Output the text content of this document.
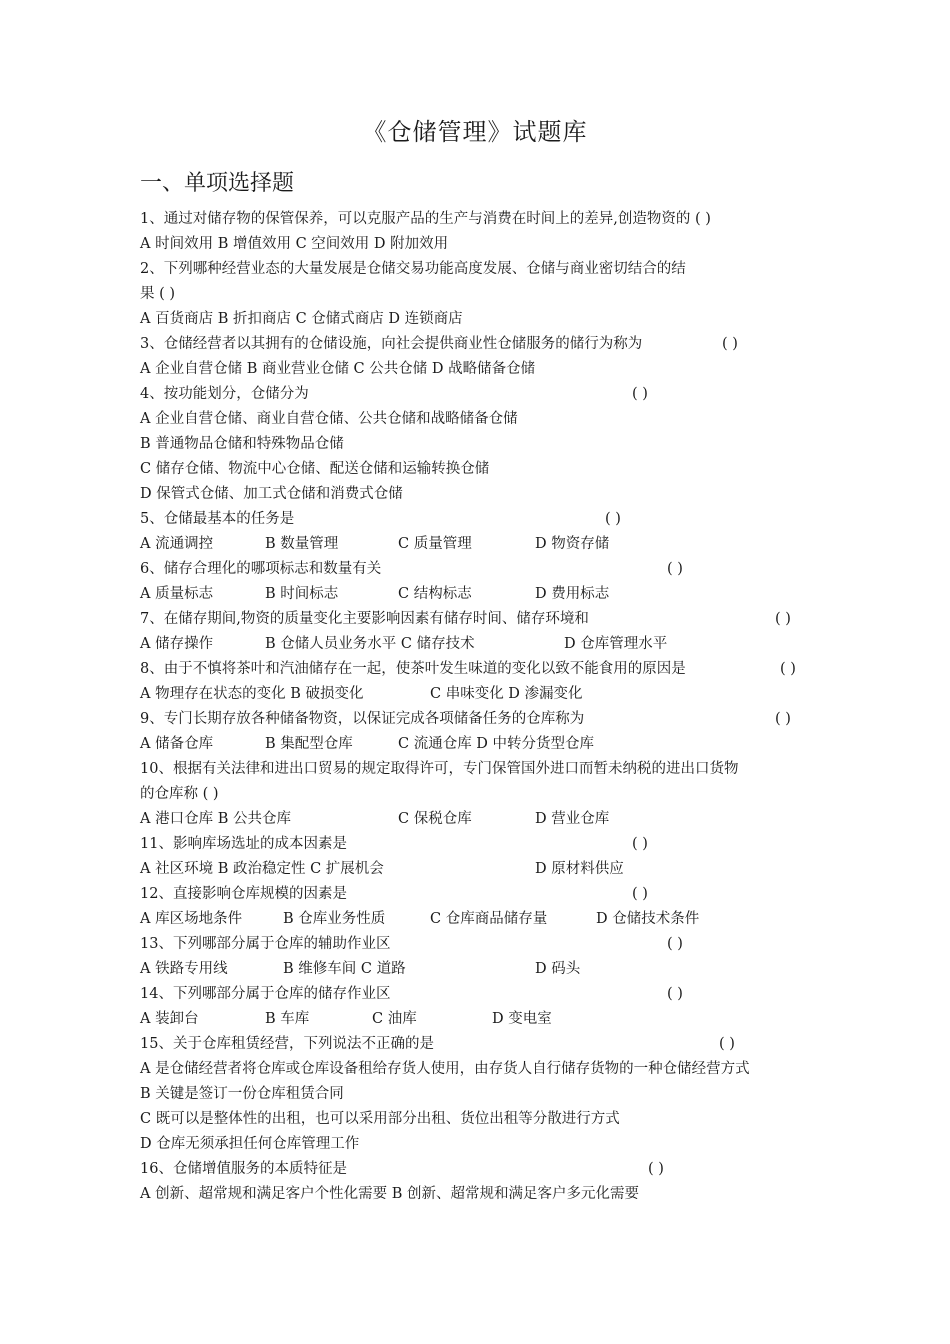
《仓储管理》试题库
一、单项选择题
1、通过对储存物的保管保养，可以克服产品的生产与消费在时间上的差异,创造物资的 ( )
A 时间效用 B 增值效用 C 空间效用 D 附加效用
2、下列哪种经营业态的大量发展是仓储交易功能高度发展、仓储与商业密切结合的结
果 ( )
A 百货商店 B 折扣商店 C 仓储式商店 D 连锁商店
3、仓储经营者以其拥有的仓储设施，向社会提供商业性仓储服务的储行为称为	( )
A 企业自营仓储 B 商业营业仓储 C 公共仓储 D 战略储备仓储
4、按功能划分，仓储分为	( )
A 企业自营仓储、商业自营仓储、公共仓储和战略储备仓储
B 普通物品仓储和特殊物品仓储
C 储存仓储、物流中心仓储、配送仓储和运输转换仓储
D 保管式仓储、加工式仓储和消费式仓储
5、仓储最基本的任务是	( )
A 流通调控	B 数量管理	C 质量管理	D 物资存储
6、储存合理化的哪项标志和数量有关	( )
A 质量标志	B 时间标志	C 结构标志	D 费用标志
7、在储存期间,物资的质量变化主要影响因素有储存时间、储存环境和	( )
A 储存操作	B 仓储人员业务水平 C 储存技术	D 仓库管理水平
8、由于不慎将茶叶和汽油储存在一起，使茶叶发生味道的变化以致不能食用的原因是	( )
A 物理存在状态的变化 B 破损变化	C 串味变化 D 渗漏变化
9、专门长期存放各种储备物资，以保证完成各项储备任务的仓库称为	( )
A 储备仓库	B 集配型仓库	C 流通仓库 D 中转分货型仓库
10、根据有关法律和进出口贸易的规定取得许可，专门保管国外进口而暂未纳税的进出口货物
的仓库称 ( )
A 港口仓库 B 公共仓库	C 保税仓库	D 营业仓库
11、影响库场选址的成本因素是	( )
A 社区环境 B 政治稳定性 C 扩展机会	D 原材料供应
12、直接影响仓库规模的因素是	( )
A 库区场地条件	B 仓库业务性质	C 仓库商品储存量	D 仓储技术条件
13、下列哪部分属于仓库的辅助作业区	( )
A 铁路专用线	B 维修车间 C 道路	D 码头
14、下列哪部分属于仓库的储存作业区	( )
A 装卸台	B 车库	C 油库	D 变电室
15、关于仓库租赁经营，下列说法不正确的是	( )
A 是仓储经营者将仓库或仓库设备租给存货人使用，由存货人自行储存货物的一种仓储经营方式
B 关键是签订一份仓库租赁合同
C 既可以是整体性的出租，也可以采用部分出租、货位出租等分散进行方式
D 仓库无须承担任何仓库管理工作
16、仓储增值服务的本质特征是	( )
A 创新、超常规和满足客户个性化需要 B 创新、超常规和满足客户多元化需要
